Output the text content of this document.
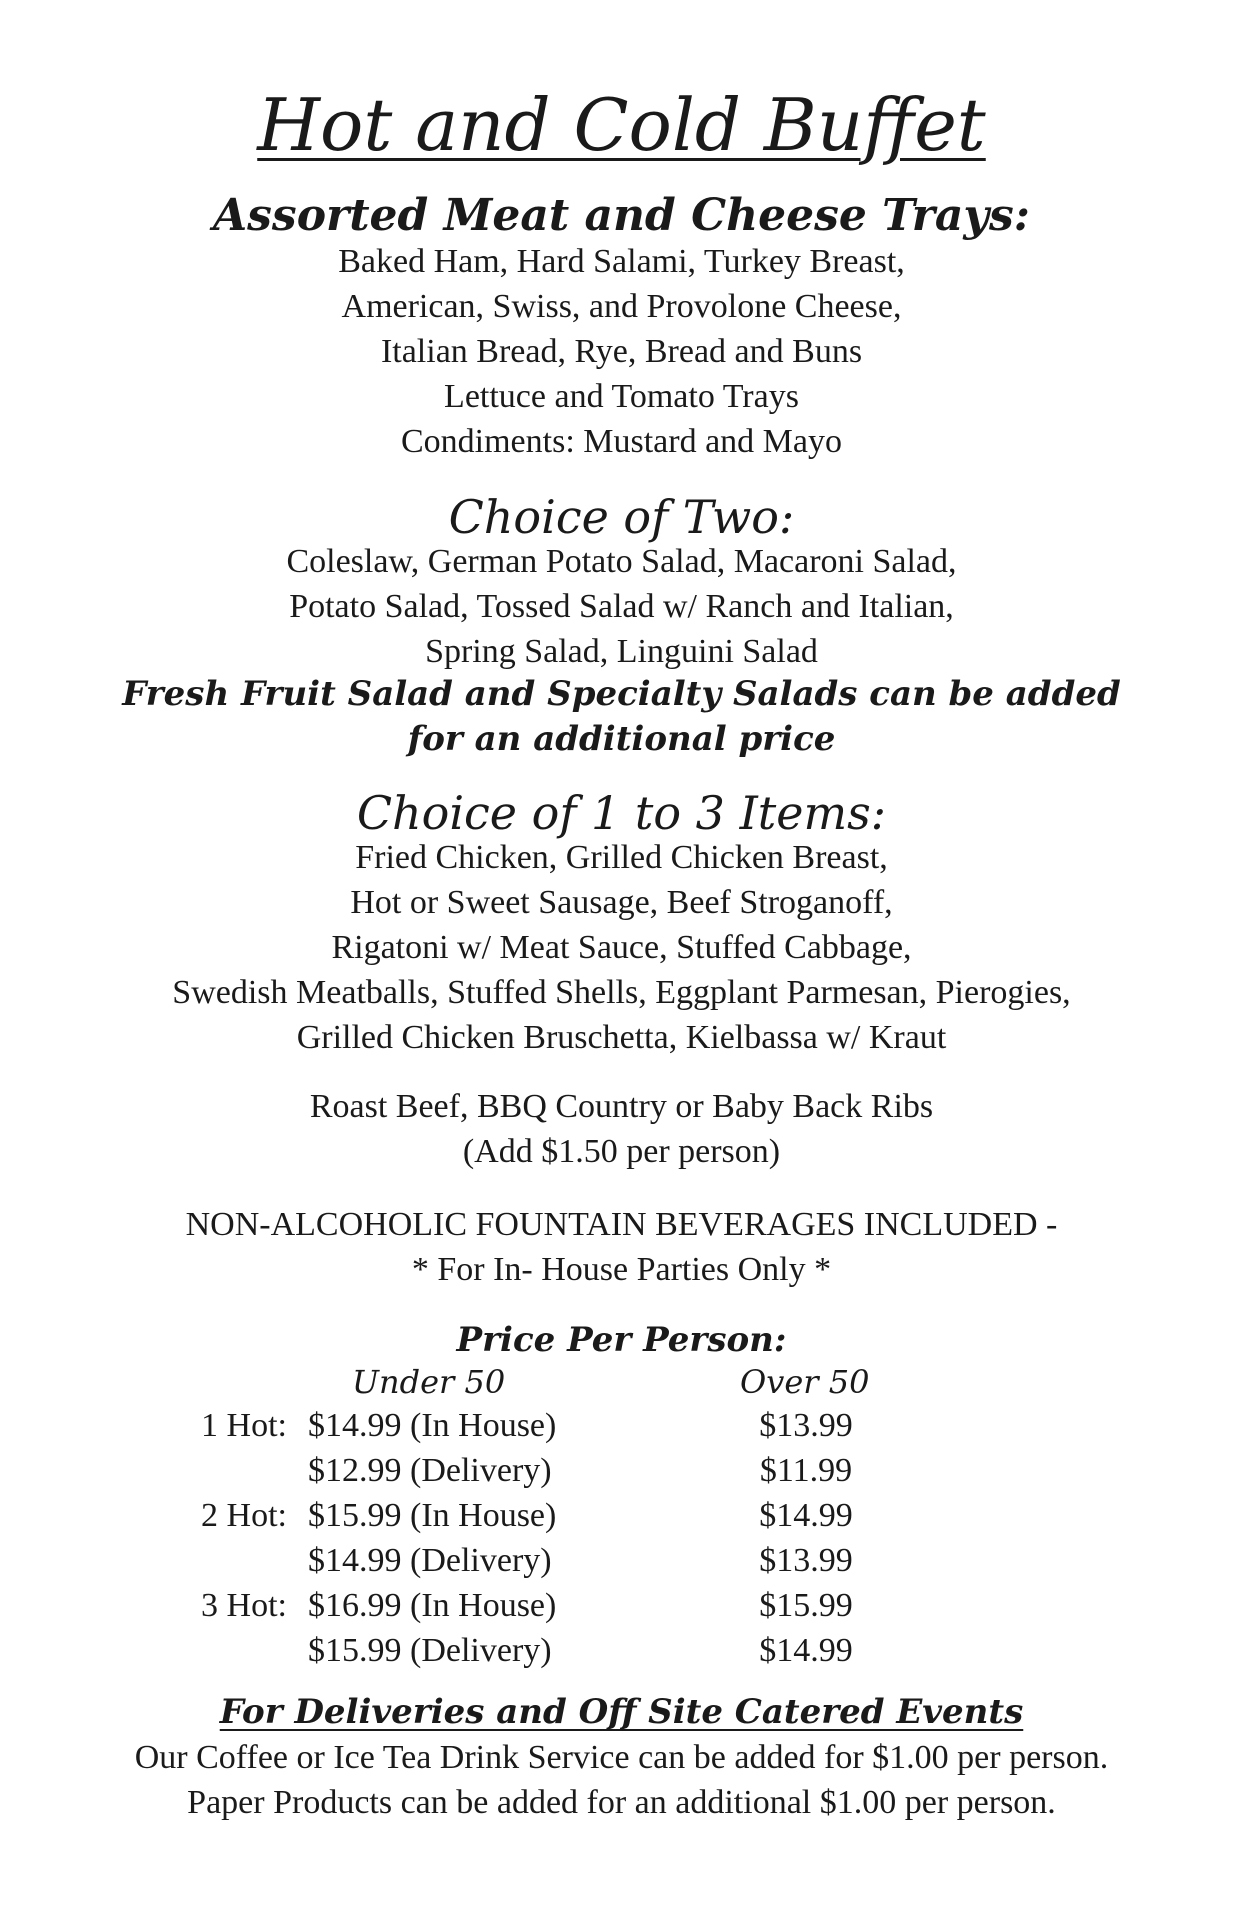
Hot and Cold Buffet
Assorted Meat and Cheese Trays:
Baked Ham, Hard Salami, Turkey Breast,
American, Swiss, and Provolone Cheese,
Italian Bread, Rye, Bread and Buns
Lettuce and Tomato Trays
Condiments: Mustard and Mayo
Choice of Two:
Coleslaw, German Potato Salad, Macaroni Salad,
Potato Salad, Tossed Salad w/ Ranch and Italian,
Spring Salad, Linguini Salad
Fresh Fruit Salad and Specialty Salads can be added
for an additional price
Choice of 1 to 3 Items:
Fried Chicken, Grilled Chicken Breast,
Hot or Sweet Sausage, Beef Stroganoff,
Rigatoni w/ Meat Sauce, Stuffed Cabbage,
Swedish Meatballs, Stuffed Shells, Eggplant Parmesan, Pierogies,
Grilled Chicken Bruschetta, Kielbassa w/ Kraut
Roast Beef, BBQ Country or Baby Back Ribs
(Add $1.50 per person)
NON-ALCOHOLIC FOUNTAIN BEVERAGES INCLUDED -
* For In- House Parties Only *
Price Per Person:
Under 50	Over 50
1 Hot: $14.99 (In House)	$13.99
$12.99 (Delivery)	$11.99
2 Hot: $15.99 (In House)	$14.99
$14.99 (Delivery)	$13.99
3 Hot: $16.99 (In House)	$15.99
$15.99 (Delivery)	$14.99
For Deliveries and Off Site Catered Events
Our Coffee or Ice Tea Drink Service can be added for $1.00 per person.
Paper Products can be added for an additional $1.00 per person.
